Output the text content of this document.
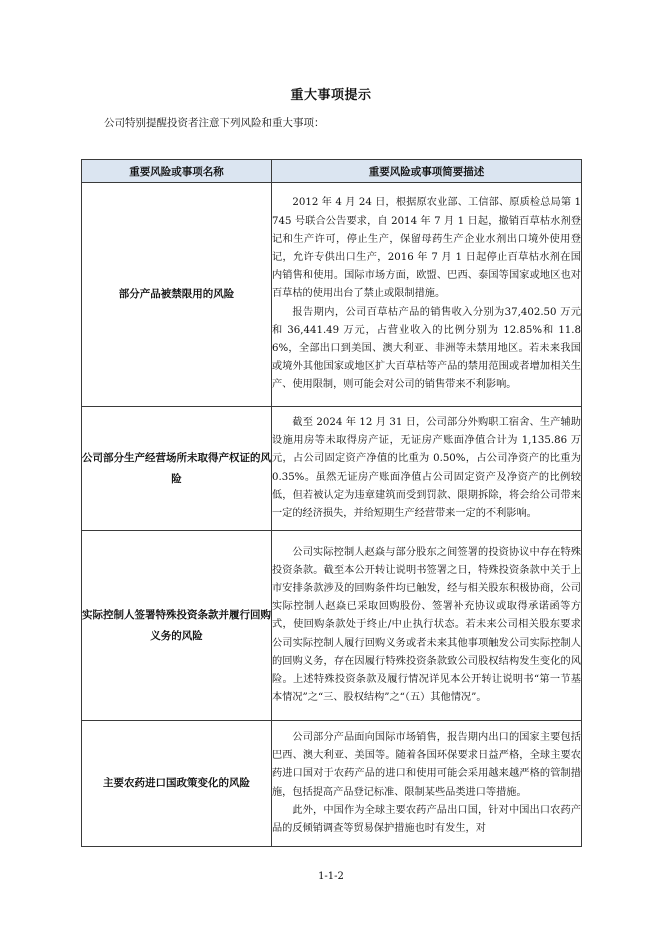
重大事项提示
公司特别提醒投资者注意下列风险和重大事项：
重要风险或事项名称	重要风险或事项简要描述
部分产品被禁限用的风险	2012 年 4 月 24 日，根据原农业部、工信部、原质检总局第 1745 号联合公告要求，自 2014 年 7 月 1 日起，撤销百草枯水剂登记和生产许可，停止生产，保留母药生产企业水剂出口境外使用登记，允许专供出口生产，2016 年 7 月 1 日起停止百草枯水剂在国内销售和使用。国际市场方面，欧盟、巴西、泰国等国家或地区也对百草枯的使用出台了禁止或限制措施。

报告期内，公司百草枯产品的销售收入分别为37,402.50 万元和 36,441.49 万元，占营业收入的比例分别为 12.85%和 11.86%，全部出口到美国、澳大利亚、非洲等未禁用地区。若未来我国或境外其他国家或地区扩大百草枯等产品的禁用范围或者增加相关生产、使用限制，则可能会对公司的销售带来不利影响。

公司部分生产经营场所未取得产权证的风险	截至 2024 年 12 月 31 日，公司部分外购职工宿舍、生产辅助设施用房等未取得房产证，无证房产账面净值合计为 1,135.86 万元，占公司固定资产净值的比重为 0.50%，占公司净资产的比重为 0.35%。虽然无证房产账面净值占公司固定资产及净资产的比例较低，但若被认定为违章建筑而受到罚款、限期拆除，将会给公司带来一定的经济损失，并给短期生产经营带来一定的不利影响。

实际控制人签署特殊投资条款并履行回购义务的风险	公司实际控制人赵焱与部分股东之间签署的投资协议中存在特殊投资条款。截至本公开转让说明书签署之日，特殊投资条款中关于上市安排条款涉及的回购条件均已触发，经与相关股东积极协商，公司实际控制人赵焱已采取回购股份、签署补充协议或取得承诺函等方式，使回购条款处于终止/中止执行状态。若未来公司相关股东要求公司实际控制人履行回购义务或者未来其他事项触发公司实际控制人的回购义务，存在因履行特殊投资条款致公司股权结构发生变化的风险。上述特殊投资条款及履行情况详见本公开转让说明书“第一节基本情况”之“三、股权结构”之“（五）其他情况”。

主要农药进口国政策变化的风险	公司部分产品面向国际市场销售，报告期内出口的国家主要包括巴西、澳大利亚、美国等。随着各国环保要求日益严格，全球主要农药进口国对于农药产品的进口和使用可能会采用越来越严格的管制措施，包括提高产品登记标准、限制某些品类进口等措施。

此外，中国作为全球主要农药产品出口国，针对中国出口农药产品的反倾销调查等贸易保护措施也时有发生，对

1-1-2
